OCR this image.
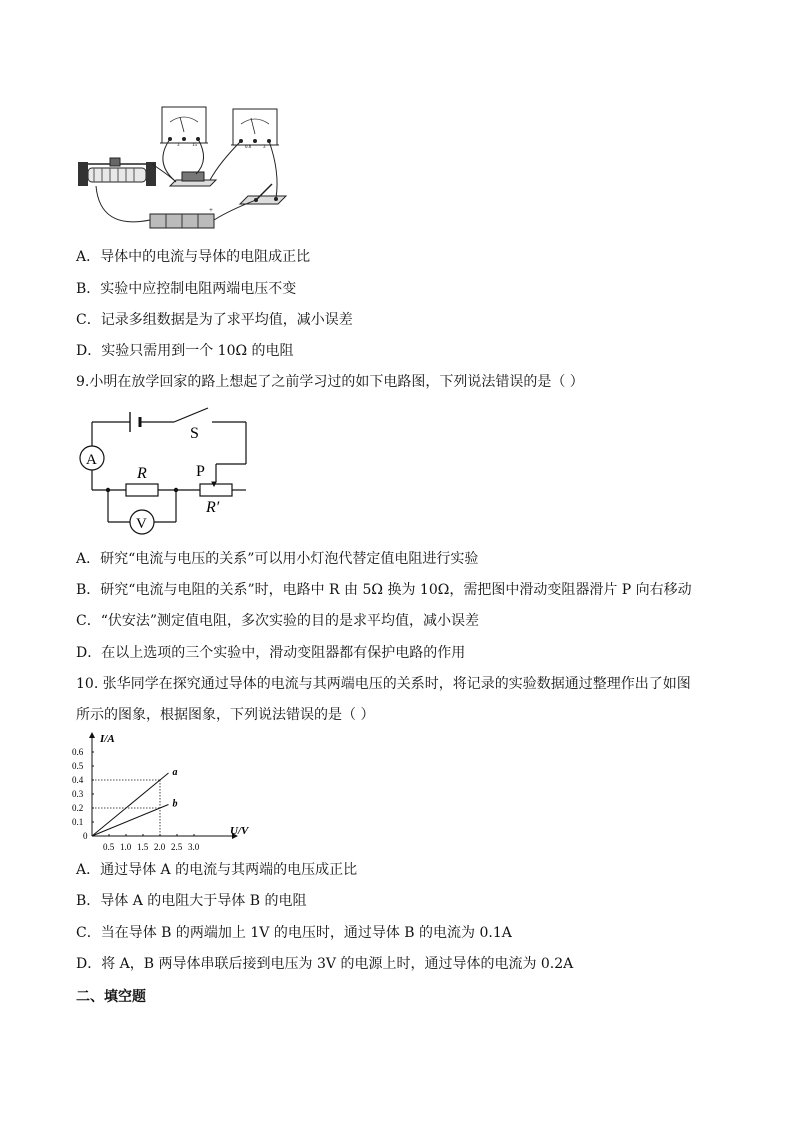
3	15	0.6 3
+
A．导体中的电流与导体的电阻成正比
B．实验中应控制电阻两端电压不变
C．记录多组数据是为了求平均值，减小误差
D．实验只需用到一个 10Ω 的电阻
9.小明在放学回家的路上想起了之前学习过的如下电路图，下列说法错误的是（ ）
S
A
R	P
R′
V
A．研究“电流与电压的关系”可以用小灯泡代替定值电阻进行实验
B．研究“电流与电阻的关系”时，电路中 R 由 5Ω 换为 10Ω，需把图中滑动变阻器滑片 P 向右移动
C．“伏安法”测定值电阻，多次实验的目的是求平均值，减小误差
D．在以上选项的三个实验中，滑动变阻器都有保护电路的作用
10. 张华同学在探究通过导体的电流与其两端电压的关系时，将记录的实验数据通过整理作出了如图
所示的图象，根据图象，下列说法错误的是（ ）
I/A
U/V
0
0.5 1.0 1.5 2.0 2.5 3.0
0.1
0.2
0.3
0.4
0.5
0.6
a
b
A．通过导体 A 的电流与其两端的电压成正比
B．导体 A 的电阻大于导体 B 的电阻
C．当在导体 B 的两端加上 1V 的电压时，通过导体 B 的电流为 0.1A
D．将 A，B 两导体串联后接到电压为 3V 的电源上时，通过导体的电流为 0.2A
二、填空题
